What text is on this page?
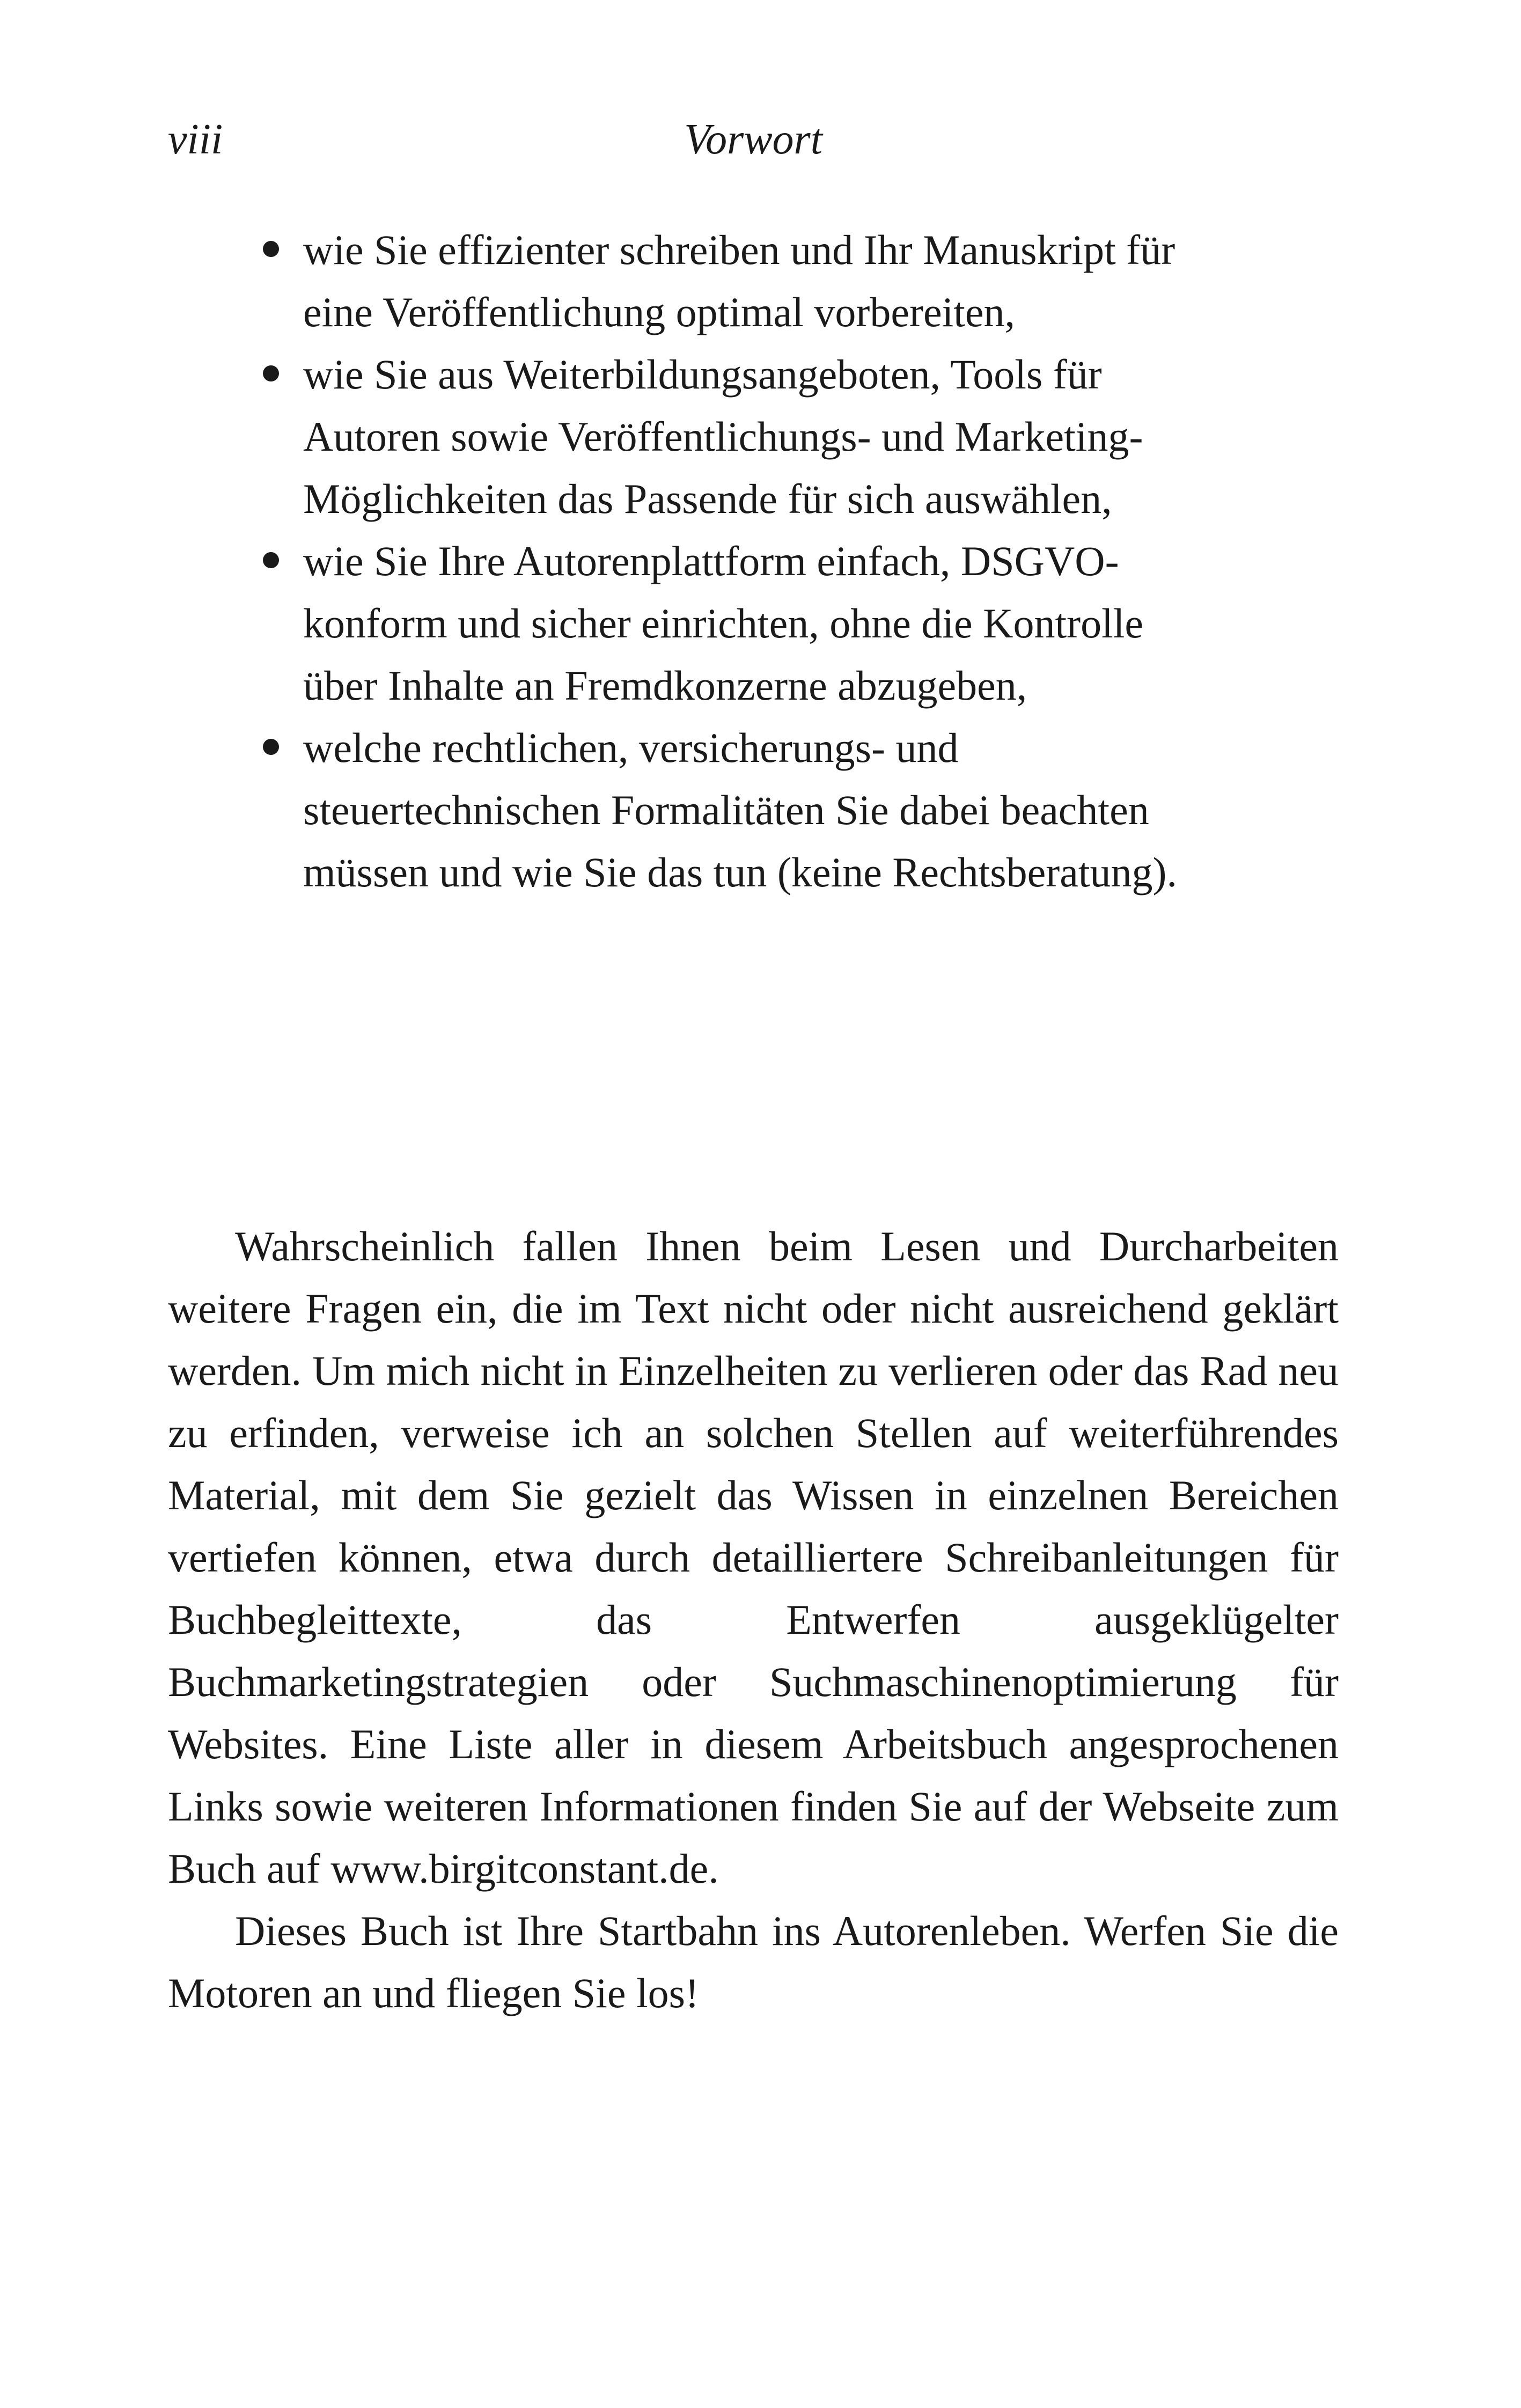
viii	Vorwort
wie Sie effizienter schreiben und Ihr Manuskript für eine Veröffentlichung optimal vorbereiten,
wie Sie aus Weiterbildungsangeboten, Tools für Autoren sowie Veröffentlichungs- und Marketing-Möglichkeiten das Passende für sich auswählen,
wie Sie Ihre Autorenplattform einfach, DSGVO-konform und sicher einrichten, ohne die Kontrolle über Inhalte an Fremdkonzerne abzugeben,
welche rechtlichen, versicherungs- und steuertechnischen Formalitäten Sie dabei beachten müssen und wie Sie das tun (keine Rechtsberatung).

Wahrscheinlich fallen Ihnen beim Lesen und Durcharbeiten weitere Fragen ein, die im Text nicht oder nicht ausreichend geklärt werden. Um mich nicht in Einzelheiten zu verlieren oder das Rad neu zu erfinden, verweise ich an solchen Stellen auf weiterführendes Material, mit dem Sie gezielt das Wissen in einzelnen Bereichen vertiefen können, etwa durch detailliertere Schreibanleitungen für Buchbegleittexte, das Entwerfen ausgeklügelter Buchmarketingstrategien oder Suchmaschinenoptimierung für Websites. Eine Liste aller in diesem Arbeitsbuch angesprochenen Links sowie weiteren Informationen finden Sie auf der Webseite zum Buch auf www.birgitconstant.de.

Dieses Buch ist Ihre Startbahn ins Autorenleben. Werfen Sie die Motoren an und fliegen Sie los!
